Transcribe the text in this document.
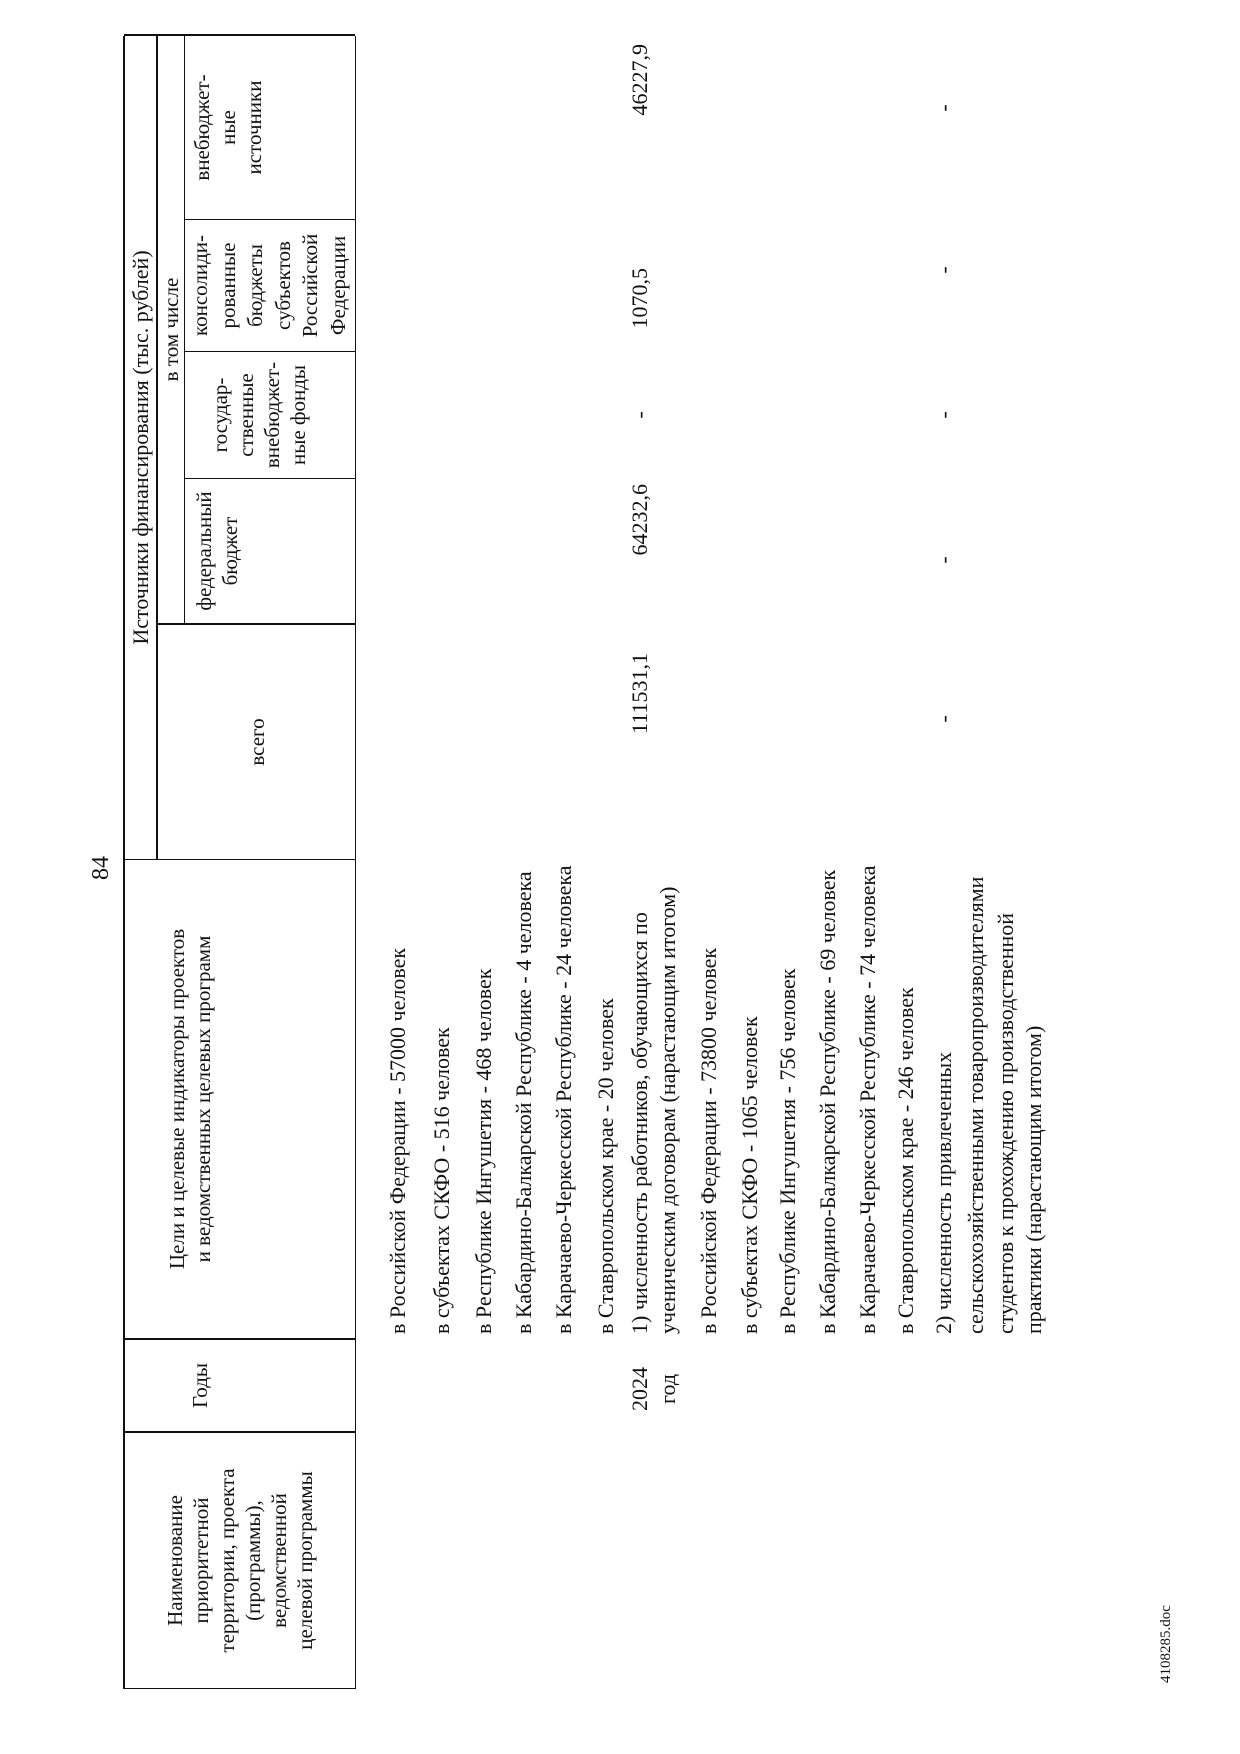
84
Наименование приоритетной территории, проекта (программы), ведомственной целевой программы
Годы
Цели и целевые индикаторы проектов и ведомственных целевых программ
Источники финансирования (тыс. рублей)
всего
в том числе
федеральный бюджет
государ- ственные внебюджет- ные фонды
консолиди- рованные бюджеты субъектов Российской Федерации
внебюджет- ные источники
в Российской Федерации - 57000 человек в субъектах СКФО - 516 человек в Республике Ингушетия - 468 человек в Кабардино-Балкарской Республике - 4 человека в Карачаево-Черкесской Республике - 24 человека в Ставропольском крае - 20 человек
2024 год
1) численность работников, обучающихся по ученическим договорам (нарастающим итогом)
111531,1
64232,6
-
1070,5
46227,9
в Российской Федерации - 73800 человек в субъектах СКФО - 1065 человек в Республике Ингушетия - 756 человек в Кабардино-Балкарской Республике - 69 человек в Карачаево-Черкесской Республике - 74 человека в Ставропольском крае - 246 человек 2) численность привлеченных сельскохозяйственными товаропроизводителями студентов к прохождению производственной практики (нарастающим итогом)
-
-
-
-
-
4108285.doc
